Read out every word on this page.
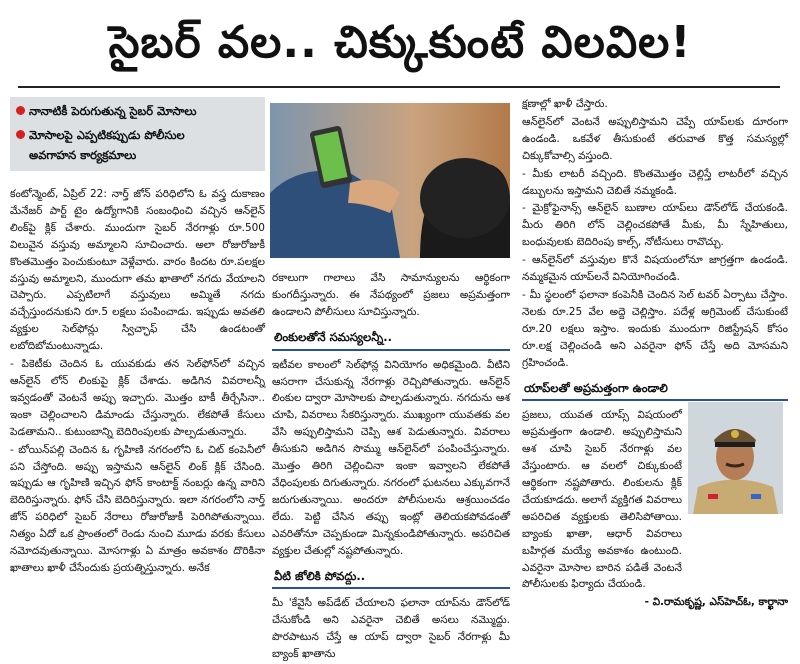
సైబర్ వల.. చిక్కుకుంటే విలవిల!
నానాటికీ పెరుగుతున్న సైబర్ మోసాలు
మోసాలపై ఎప్పటికప్పుడు పోలీసుల
అవగాహన కార్యక్రమాలు

కంటోన్మెంట్, ఏప్రిల్ 22: నార్త్ జోన్ పరిధిలోని ఓ వస్త్ర దుకాణం మేనేజర్ పార్ట్ టైం ఉద్యోగానికి సంబంధించి వచ్చిన ఆన్‌లైన్ లింక్‌పై క్లిక్ చేశారు. ముందుగా సైబర్ నేరగాళ్లు రూ.500 విలువైన వస్తువు అమ్మాలని సూచించారు. అలా రోజురోజుకీ కొంతమొత్తం పెంచుకుంటూ వెళ్లేవారు. వారం కిందట రూ.పలక్షల వస్తువు అమ్మాలని, ముందుగా తమ ఖాతాలో నగదు వేయాలని చెప్పారు. ఎప్పటిలాగే వస్తువులు అమ్మితే నగదు వచ్చేస్తుందనుకుని రూ.5 లక్షలు పంపించాడు. ఇప్పుడు అవతలి వ్యక్తుల సెల్‌ఫోన్లు స్విచ్ఛాఫ్ చేసి ఉండటంతో లబోదిబోమంటున్నాడు.

- పికెటీకు చెందిన ఓ యువకుడు తన సెల్‌ఫోన్‌లో వచ్చిన ఆన్‌లైన్ లోన్ లింకుపై క్లిక్ చేశాడు. అడిగిన వివరాలన్నీ ఇవ్వడంతో వెంటనే అప్పు ఇచ్చారు. మొత్తం బాకీ తీర్చేసినా.. ఇంకా చెల్లించాలని డిమాండు చేస్తున్నారు. లేకపోతే కేసులు పెడతామని.. కుటుంబాన్ని బెదిరింపులకు పాల్పడుతున్నారు.

- బోయిన్‌పల్లి చెందిన ఓ గృహిణి నగరంలోని ఓ చిట్ కంపెనీలో పని చేస్తోంది. అప్పు ఇస్తామని ఆన్‌లైన్ లింక్ క్లిక్ చేసింది. ఇప్పుడు ఆ గృహిణి ఇచ్చిన ఫోన్ కాంటాక్ట్ నంబర్లు ఉన్న వారిని బెదిరిస్తున్నారు. ఫోన్ చేసి బెదిరిస్తున్నారు. ఇలా నగరంలోని నార్త్ జోన్ పరిధిలో సైబర్ నేరాలు రోజురోజుకీ పెరిగిపోతున్నాయి. నిత్యం ఏదో ఒక ప్రాంతంలో రెండు నుంచి మూడు వరకు కేసులు నమోదవుతున్నాయి. మోసగాళ్లు ఏ మాత్రం అవకాశం దొరికినా ఖాతాలు ఖాళీ చేసేందుకు ప్రయత్నిస్తున్నారు. అనేక

రకాలుగా గాలాలు వేసి సామాన్యులను ఆర్థికంగా కుంగదీస్తున్నారు. ఈ నేపథ్యంలో ప్రజలు అప్రమత్తంగా ఉండాలని పోలీసులు సూచిస్తున్నారు.

లింకులతోనే సమస్యలన్నీ..

ఇటీవల కాలంలో సెల్‌ఫోన్ల వినియోగం అధికమైంది. వీటిని ఆసరాగా చేసుకున్న నేరగాళ్లు రెచ్చిపోతున్నారు. ఆన్‌లైన్ లింకుల ద్వారా మోసాలకు పాల్పడుతున్నారు. నగదును ఆశ చూపి, వివరాలు సేకరిస్తున్నారు. ముఖ్యంగా యువతకు వల వేసి అప్పులిస్తామని చెప్పి ఆశ పెడుతున్నారు. వివరాలు తీసుకుని అడిగిన సొమ్ము ఆన్‌లైన్‌లో పంపించేస్తున్నారు. మొత్తం తిరిగి చెల్లించినా ఇంకా ఇవ్వాలని లేకపోతే వేధింపులకు దిగుతున్నారు. నగరంలో ఘటనలు ఎక్కువగానే జరుగుతున్నాయి. అందరూ పోలీసులను ఆశ్రయించడం లేదు. పెట్టి చేసిన తప్పు ఇంట్లో తెలియకపోవడంతో ఎవరితోనూ చెప్పకుండా మిన్నకుండిపోతున్నారు. అపరిచిత వ్యక్తుల చేతుల్లో నష్టపోతున్నారు.

వీటి జోలికి పోవద్దు..

మీ 'కేవైసీ అప్‌డేట్ చేయాలని ఫలానా యాప్‌ను డౌన్‌లోడ్ చేసుకోండి అని ఎవరైనా చెబితే అసలు నమ్మొద్దు. పొరపాటున చేస్తే ఆ యాప్ ద్వారా సైబర్ నేరగాళ్లు మీ బ్యాంక్ ఖాతాను

క్షణాల్లో ఖాళీ చేస్తారు.

ఆన్‌లైన్‌లో వెంటనే అప్పులిస్తామని చెప్పే యాప్‌లకు దూరంగా ఉండండి. ఒకవేళ తీసుకుంటే తరువాత కొత్త సమస్యల్లో చిక్కుకోవాల్సి వస్తుంది.

- మీకు లాటరీ వచ్చింది. కొంతమొత్తం చెల్లిస్తే లాటరీలో వచ్చిన డబ్బులను ఇస్తామని చెబితే నమ్మకండి.

- మైక్రోఫైనాన్స్ ఆన్‌లైన్ బుణాల యాప్‌లు డౌన్‌లోడ్ చేయకండి. మీరు తిరిగి లోన్ చెల్లించకపోతే మీకు, మీ స్నేహితులు, బంధువులకు బెదిరింపు కాల్స్, నోటీసులు రావొచ్చు.

- ఆన్‌లైన్‌లో వస్తువుల కొనే విషయంలోనూ జాగ్రత్తగా ఉండండి. నమ్మకమైన యాప్‌లనే వినియోగించండి.

- మీ స్థలంలో ఫలానా కంపెనీకి చెందిన సెల్ టవర్ ఏర్పాటు చేస్తాం. నెలకు రూ.25 వేల అద్దె చెల్లిస్తాం. పదేళ్ల అగ్రిమెంట్ చేసుకుంటే రూ.20 లక్షలు ఇస్తాం. ఇందుకు ముందుగా రిజిస్ట్రేషన్ కోసం రూ.లక్ష చెల్లించండి అని ఎవరైనా ఫోన్ చేస్తే అది మోసమని గ్రహించండి.

యాప్‌లతో అప్రమత్తంగా ఉండాలి

ప్రజలు, యువత యాప్స్ విషయంలో అప్రమత్తంగా ఉండాలి. అప్పులిస్తామని ఆశ చూపి సైబర్ నేరగాళ్లు వల వేస్తుంటారు. ఆ వలలో చిక్కుకుంటే ఆర్థికంగా నష్టపోతారు. లింకులను క్లిక్ చేయకూడదు. అలాగే వ్యక్తిగత వివరాలు అపరిచిత వ్యక్తులకు తెలిసిపోతాయి. బ్యాంకు ఖాతా, ఆధార్ వివరాలు బహిర్గత మయ్యే అవకాశం ఉంటుంది. ఎవరైనా మోసాల బారిన పడితే వెంటనే పోలీసులకు ఫిర్యాదు చేయండి.

- వి.రామకృష్ణ, ఎస్‌హెచ్‌ఓ, కార్ఖానా
